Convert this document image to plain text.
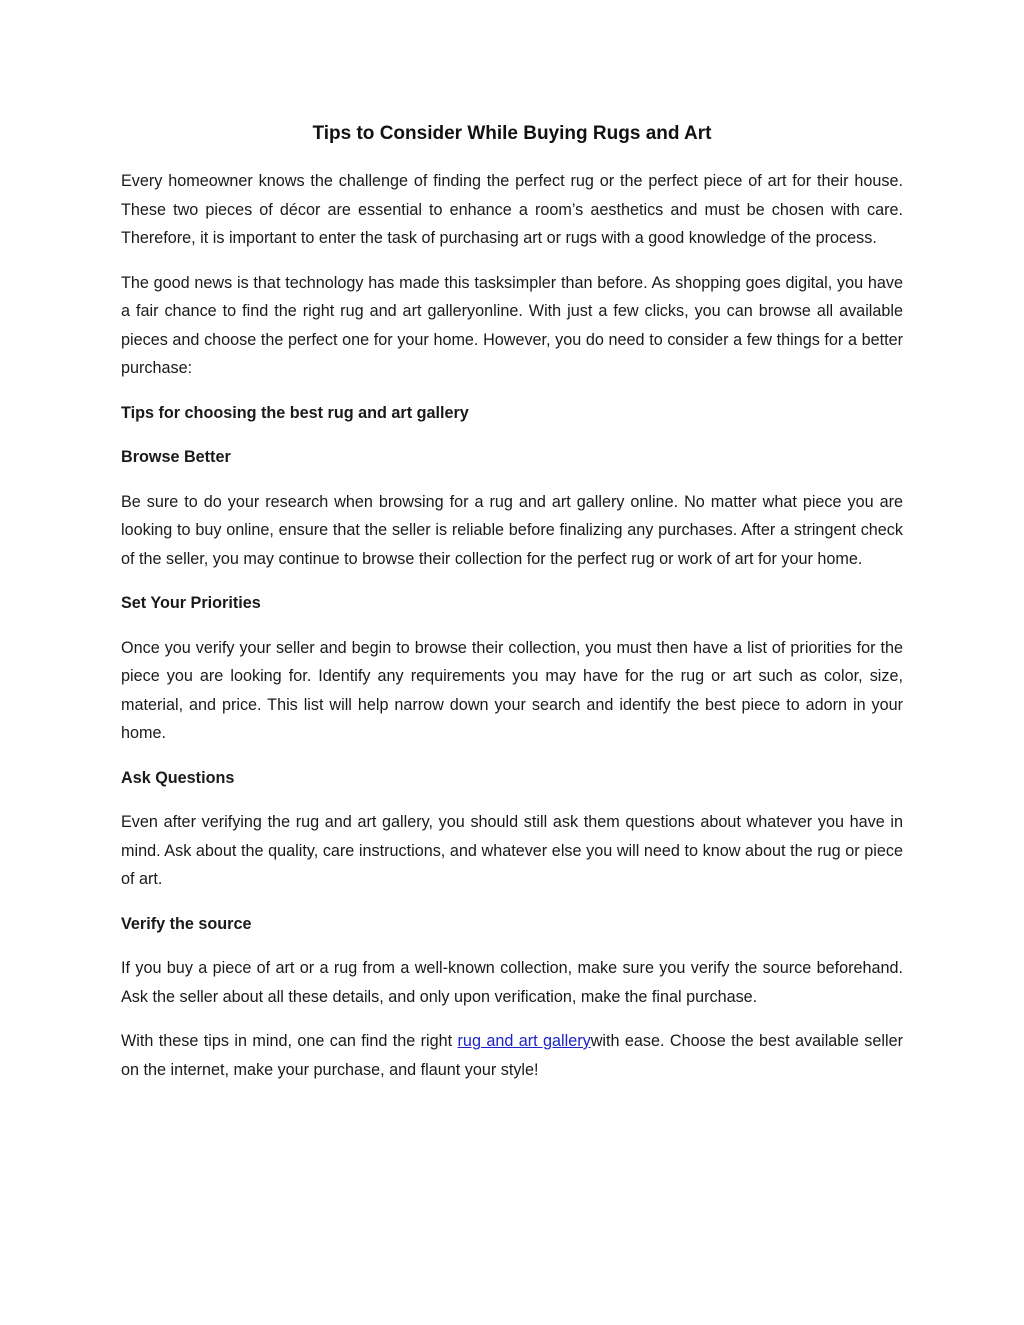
Tips to Consider While Buying Rugs and Art

Every homeowner knows the challenge of finding the perfect rug or the perfect piece of art for their house. These two pieces of décor are essential to enhance a room’s aesthetics and must be chosen with care. Therefore, it is important to enter the task of purchasing art or rugs with a good knowledge of the process.

The good news is that technology has made this tasksimpler than before. As shopping goes digital, you have a fair chance to find the right rug and art galleryonline. With just a few clicks, you can browse all available pieces and choose the perfect one for your home. However, you do need to consider a few things for a better purchase:

Tips for choosing the best rug and art gallery
Browse Better

Be sure to do your research when browsing for a rug and art gallery online. No matter what piece you are looking to buy online, ensure that the seller is reliable before finalizing any purchases. After a stringent check of the seller, you may continue to browse their collection for the perfect rug or work of art for your home.

Set Your Priorities

Once you verify your seller and begin to browse their collection, you must then have a list of priorities for the piece you are looking for. Identify any requirements you may have for the rug or art such as color, size, material, and price. This list will help narrow down your search and identify the best piece to adorn in your home.

Ask Questions

Even after verifying the rug and art gallery, you should still ask them questions about whatever you have in mind. Ask about the quality, care instructions, and whatever else you will need to know about the rug or piece of art.

Verify the source

If you buy a piece of art or a rug from a well-known collection, make sure you verify the source beforehand. Ask the seller about all these details, and only upon verification, make the final purchase.

With these tips in mind, one can find the right rug and art gallerywith ease. Choose the best available seller on the internet, make your purchase, and flaunt your style!
